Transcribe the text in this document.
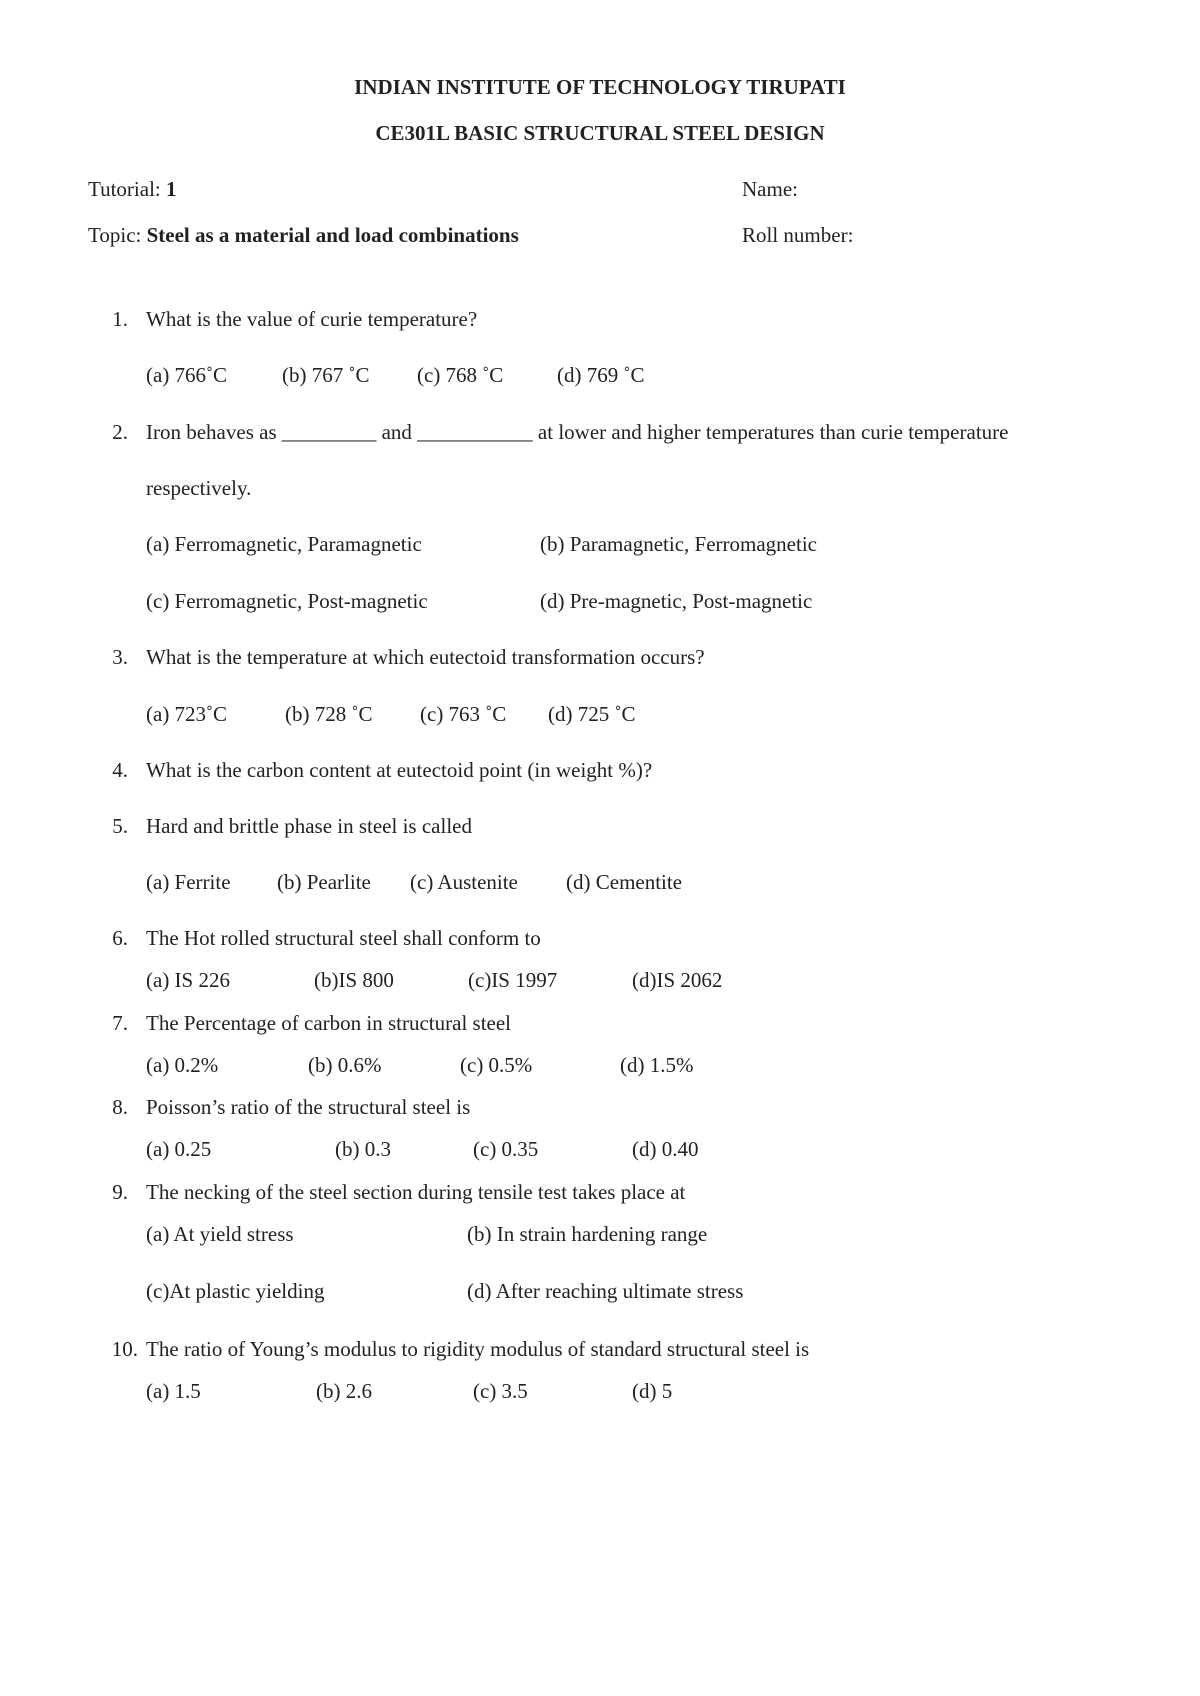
INDIAN INSTITUTE OF TECHNOLOGY TIRUPATI
CE301L BASIC STRUCTURAL STEEL DESIGN
Tutorial: 1	Name:
Topic: Steel as a material and load combinations	Roll number:
1. What is the value of curie temperature?
(a) 766˚C	(b) 767 ˚C (c) 768 ˚C	(d) 769 ˚C
2. Iron behaves as _________ and ___________ at lower and higher temperatures than curie temperature
respectively.
(a) Ferromagnetic, Paramagnetic	(b) Paramagnetic, Ferromagnetic
(c) Ferromagnetic, Post-magnetic	(d) Pre-magnetic, Post-magnetic
3. What is the temperature at which eutectoid transformation occurs?
(a) 723˚C	(b) 728 ˚C (c) 763 ˚C (d) 725 ˚C
4. What is the carbon content at eutectoid point (in weight %)?
5. Hard and brittle phase in steel is called
(a) Ferrite (b) Pearlite (c) Austenite (d) Cementite
6. The Hot rolled structural steel shall conform to
(a) IS 226	(b)IS 800	(c)IS 1997	(d)IS 2062
7. The Percentage of carbon in structural steel
(a) 0.2%	(b) 0.6%	(c) 0.5%	(d) 1.5%
8. Poisson’s ratio of the structural steel is
(a) 0.25	(b) 0.3	(c) 0.35	(d) 0.40
9. The necking of the steel section during tensile test takes place at
(a) At yield stress	(b) In strain hardening range
(c)At plastic yielding	(d) After reaching ultimate stress
10. The ratio of Young’s modulus to rigidity modulus of standard structural steel is
(a) 1.5	(b) 2.6	(c) 3.5	(d) 5
